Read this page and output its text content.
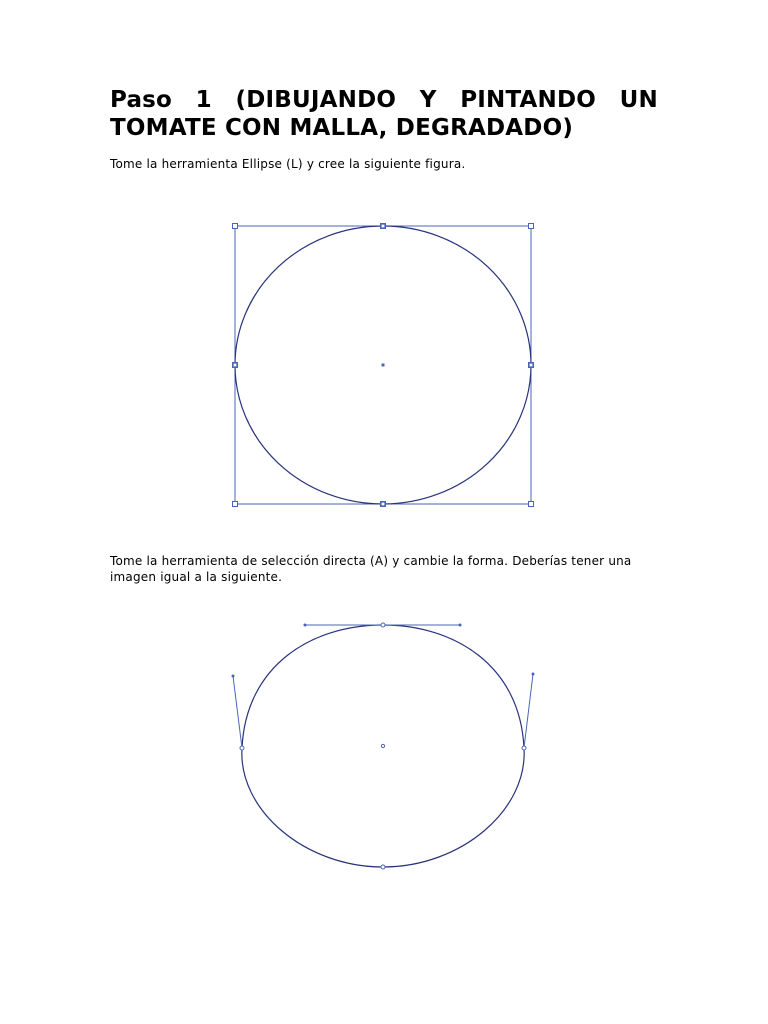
Paso 1 (DIBUJANDO Y PINTANDO UN TOMATE CON MALLA, DEGRADADO)

Tome la herramienta Ellipse (L) y cree la siguiente figura.

Tome la herramienta de selección directa (A) y cambie la forma. Deberías tener una imagen igual a la siguiente.
